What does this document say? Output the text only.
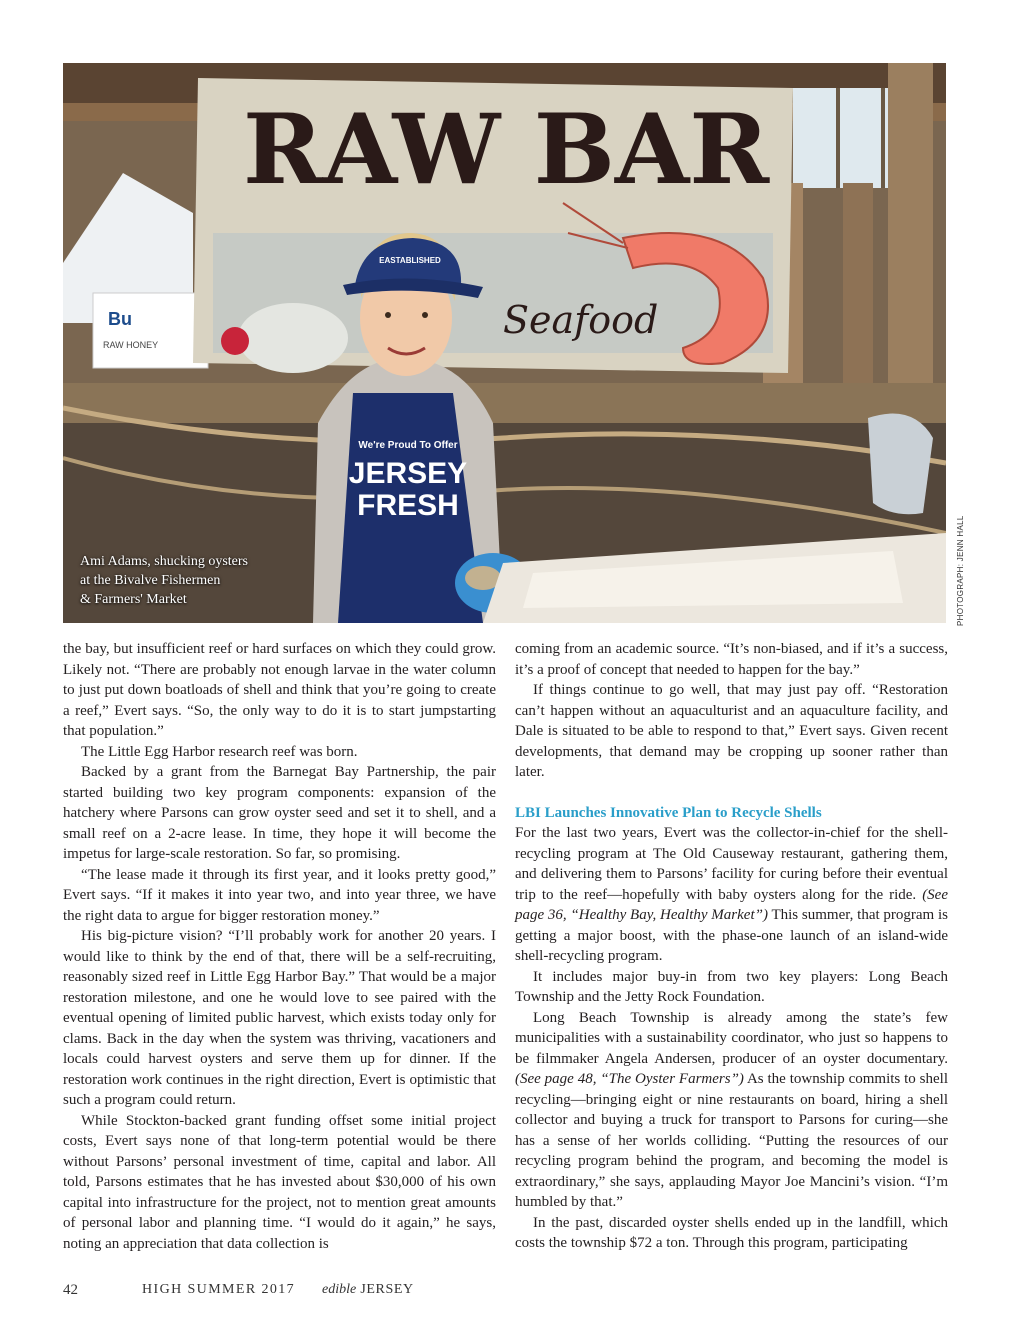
Bu
RAW HONEY
RAW BAR
Seafood
We're Proud To Offer
JERSEY
FRESH
EASTABLISHED
Ami Adams, shucking oysters
at the Bivalve Fishermen
& Farmers' Market	PHOTOGRAPH: JENN HALL

the bay, but insufficient reef or hard surfaces on which they could grow. Likely not. “There are probably not enough larvae in the water column to just put down boatloads of shell and think that you’re going to create a reef,” Evert says. “So, the only way to do it is to start jumpstarting that population.”

The Little Egg Harbor research reef was born.

Backed by a grant from the Barnegat Bay Partnership, the pair started building two key program components: expansion of the hatchery where Parsons can grow oyster seed and set it to shell, and a small reef on a 2-acre lease. In time, they hope it will become the impetus for large-scale restoration. So far, so promising.

“The lease made it through its first year, and it looks pretty good,” Evert says. “If it makes it into year two, and into year three, we have the right data to argue for bigger restoration money.”

His big-picture vision? “I’ll probably work for another 20 years. I would like to think by the end of that, there will be a self-recruiting, reasonably sized reef in Little Egg Harbor Bay.” That would be a major restoration milestone, and one he would love to see paired with the eventual opening of limited public harvest, which exists today only for clams. Back in the day when the system was thriving, vacationers and locals could harvest oysters and serve them up for dinner. If the restoration work continues in the right direction, Evert is optimistic that such a program could return.

While Stockton-backed grant funding offset some initial project costs, Evert says none of that long-term potential would be there without Parsons’ personal investment of time, capital and labor. All told, Parsons estimates that he has invested about $30,000 of his own capital into infrastructure for the project, not to mention great amounts of personal labor and planning time. “I would do it again,” he says, noting an appreciation that data collection is

coming from an academic source. “It’s non-biased, and if it’s a success, it’s a proof of concept that needed to happen for the bay.”

If things continue to go well, that may just pay off. “Restoration can’t happen without an aquaculturist and an aquaculture facility, and Dale is situated to be able to respond to that,” Evert says. Given recent developments, that demand may be cropping up sooner rather than later.

LBI Launches Innovative Plan to Recycle Shells

For the last two years, Evert was the collector-in-chief for the shell-recycling program at The Old Causeway restaurant, gathering them, and delivering them to Parsons’ facility for curing before their eventual trip to the reef—hopefully with baby oysters along for the ride. (See page 36, “Healthy Bay, Healthy Market”) This summer, that program is getting a major boost, with the phase-one launch of an island-wide shell-recycling program.

It includes major buy-in from two key players: Long Beach Township and the Jetty Rock Foundation.

Long Beach Township is already among the state’s few municipalities with a sustainability coordinator, who just so happens to be filmmaker Angela Andersen, producer of an oyster documentary. (See page 48, “The Oyster Farmers”) As the township commits to shell recycling—bringing eight or nine restaurants on board, hiring a shell collector and buying a truck for transport to Parsons for curing—she has a sense of her worlds colliding. “Putting the resources of our recycling program behind the program, and becoming the model is extraordinary,” she says, applauding Mayor Joe Mancini’s vision. “I’m humbled by that.”

In the past, discarded oyster shells ended up in the landfill, which costs the township $72 a ton. Through this program, participating

42	HIGH SUMMER 2017 edible JERSEY
